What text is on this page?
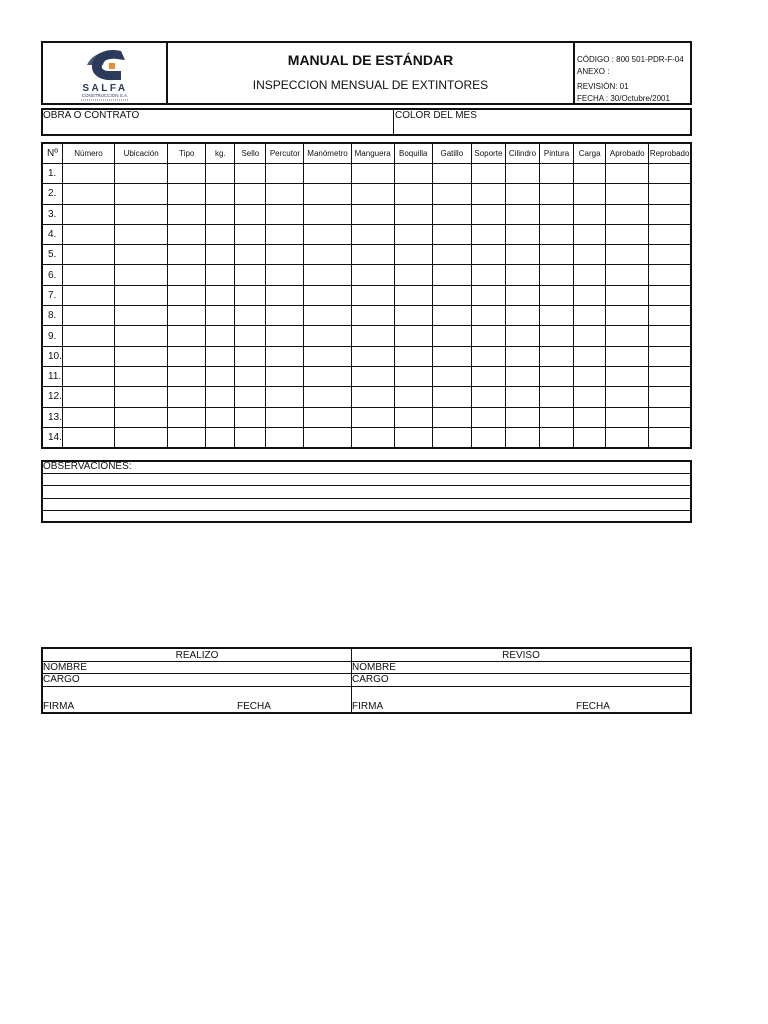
SALFA
CONSTRUCCION S.A.
MANUAL DE ESTÁNDAR
INSPECCION MENSUAL DE EXTINTORES
CÓDIGO : 800 501-PDR-F-04
ANEXO :
REVISIÓN: 01
FECHA : 30/Octubre/2001
OBRA O CONTRATO	COLOR DEL MES
Nº	Número	Ubicación	Tipo	kg.	Sello	Percutor	Manómetro	Manguera	Boquilla	Gatillo	Soporte	Cilindro	Pintura	Carga	Aprobado	Reprobado
1.																
2.																
3.																
4.																
5.																
6.																
7.																
8.																
9.																
10.																
11.																
12.																
13.																
14.																
OBSERVACIONES:
REALIZO
NOMBRE
CARGO
FIRMA	FECHA
REVISO
NOMBRE
CARGO
FIRMA	FECHA
